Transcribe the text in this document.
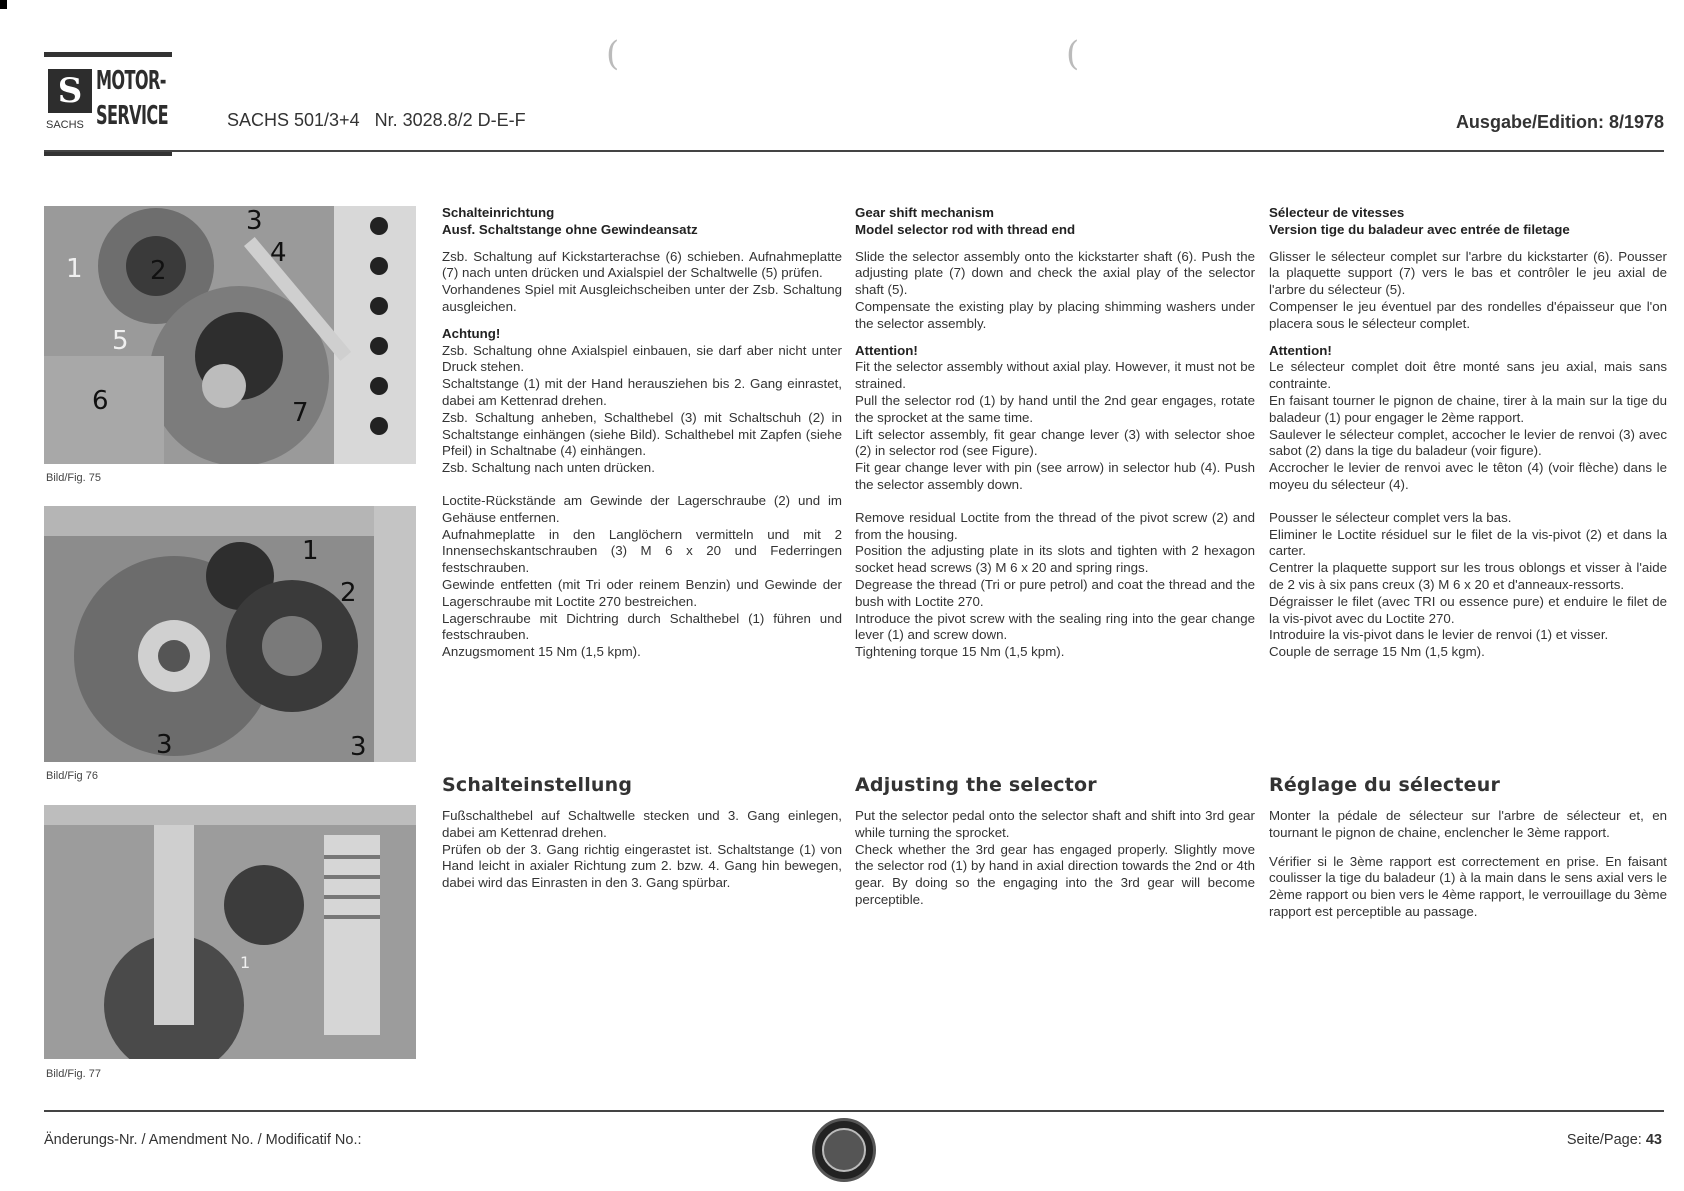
(	(
S
SACHS
MOTOR-
SERVICE	SACHS 501/3+4   Nr. 3028.8/2 D-E-F	Ausgabe/Edition: 8/1978
3
4
1	2
5
6	7
Bild/Fig. 75
1
2
3	3
Bild/Fig 76
1
Bild/Fig. 77

Schalteinrichtung

Ausf. Schaltstange ohne Gewindeansatz

Zsb. Schaltung auf Kickstarterachse (6) schieben. Aufnahmeplatte (7) nach unten drücken und Axialspiel der Schaltwelle (5) prüfen.

Vorhandenes Spiel mit Ausgleichscheiben unter der Zsb. Schaltung ausgleichen.

Achtung!

Zsb. Schaltung ohne Axialspiel einbauen, sie darf aber nicht unter Druck stehen.

Schaltstange (1) mit der Hand herausziehen bis 2. Gang einrastet, dabei am Kettenrad drehen.

Zsb. Schaltung anheben, Schalthebel (3) mit Schaltschuh (2) in Schaltstange einhängen (siehe Bild). Schalthebel mit Zapfen (siehe Pfeil) in Schaltnabe (4) einhängen.

Zsb. Schaltung nach unten drücken.

Loctite-Rückstände am Gewinde der Lagerschraube (2) und im Gehäuse entfernen.

Aufnahmeplatte in den Langlöchern vermitteln und mit 2 Innensechskantschrauben (3) M 6 x 20 und Federringen festschrauben.

Gewinde entfetten (mit Tri oder reinem Benzin) und Gewinde der Lagerschraube mit Loctite 270 bestreichen.

Lagerschraube mit Dichtring durch Schalthebel (1) führen und festschrauben.

Anzugsmoment 15 Nm (1,5 kpm).

Schalteinstellung

Fußschalthebel auf Schaltwelle stecken und 3. Gang einlegen, dabei am Kettenrad drehen.

Prüfen ob der 3. Gang richtig eingerastet ist. Schaltstange (1) von Hand leicht in axialer Richtung zum 2. bzw. 4. Gang hin bewegen, dabei wird das Einrasten in den 3. Gang spürbar.

Gear shift mechanism

Model selector rod with thread end

Slide the selector assembly onto the kickstarter shaft (6). Push the adjusting plate (7) down and check the axial play of the selector shaft (5).

Compensate the existing play by placing shimming washers under the selector assembly.

Attention!

Fit the selector assembly without axial play. However, it must not be strained.

Pull the selector rod (1) by hand until the 2nd gear engages, rotate the sprocket at the same time.

Lift selector assembly, fit gear change lever (3) with selector shoe (2) in selector rod (see Figure).

Fit gear change lever with pin (see arrow) in selector hub (4). Push the selector assembly down.

Remove residual Loctite from the thread of the pivot screw (2) and from the housing.

Position the adjusting plate in its slots and tighten with 2 hexagon socket head screws (3) M 6 x 20 and spring rings.

Degrease the thread (Tri or pure petrol) and coat the thread and the bush with Loctite 270.

Introduce the pivot screw with the sealing ring into the gear change lever (1) and screw down.

Tightening torque 15 Nm (1,5 kpm).

Adjusting the selector

Put the selector pedal onto the selector shaft and shift into 3rd gear while turning the sprocket.

Check whether the 3rd gear has engaged properly. Slightly move the selector rod (1) by hand in axial direction towards the 2nd or 4th gear. By doing so the engaging into the 3rd gear will become perceptible.

Sélecteur de vitesses

Version tige du baladeur avec entrée de filetage

Glisser le sélecteur complet sur l'arbre du kickstarter (6). Pousser la plaquette support (7) vers le bas et contrôler le jeu axial de l'arbre du sélecteur (5).

Compenser le jeu éventuel par des rondelles d'épaisseur que l'on placera sous le sélecteur complet.

Attention!

Le sélecteur complet doit être monté sans jeu axial, mais sans contrainte.

En faisant tourner le pignon de chaine, tirer à la main sur la tige du baladeur (1) pour engager le 2ème rapport.

Saulever le sélecteur complet, accocher le levier de renvoi (3) avec sabot (2) dans la tige du baladeur (voir figure).

Accrocher le levier de renvoi avec le têton (4) (voir flèche) dans le moyeu du sélecteur (4).

Pousser le sélecteur complet vers la bas.

Eliminer le Loctite résiduel sur le filet de la vis-pivot (2) et dans la carter.

Centrer la plaquette support sur les trous oblongs et visser à l'aide de 2 vis à six pans creux (3) M 6 x 20 et d'anneaux-ressorts.

Dégraisser le filet (avec TRI ou essence pure) et enduire le filet de la vis-pivot avec du Loctite 270.

Introduire la vis-pivot dans le levier de renvoi (1) et visser.

Couple de serrage 15 Nm (1,5 kgm).

Réglage du sélecteur

Monter la pédale de sélecteur sur l'arbre de sélecteur et, en tournant le pignon de chaine, enclencher le 3ème rapport.

Vérifier si le 3ème rapport est correctement en prise. En faisant coulisser la tige du baladeur (1) à la main dans le sens axial vers le 2ème rapport ou bien vers le 4ème rapport, le verrouillage du 3ème rapport est perceptible au passage.

Änderungs-Nr. / Amendment No. / Modificatif No.:	Seite/Page: 43
